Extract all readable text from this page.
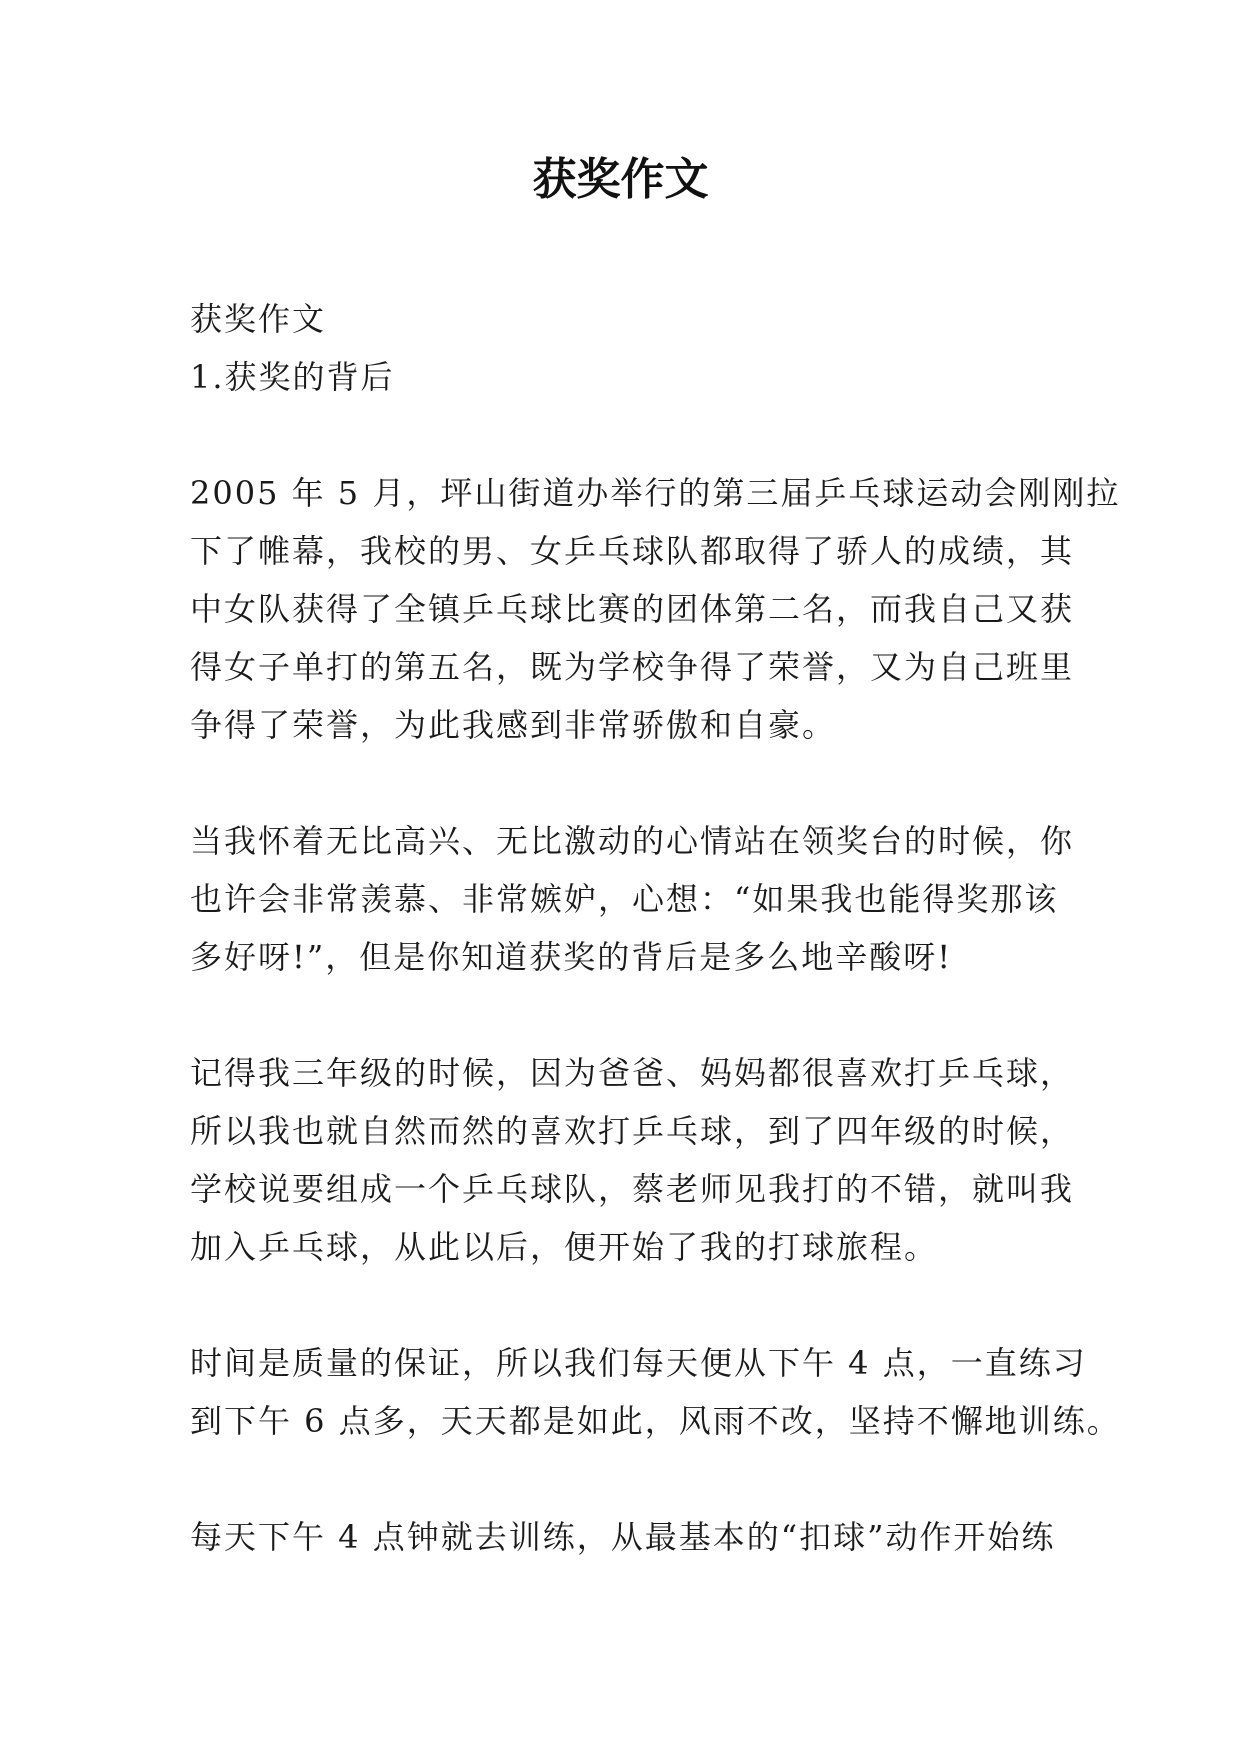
获奖作文

获奖作文

1.获奖的背后

2005 年 5 月，坪山街道办举行的第三届乒乓球运动会刚刚拉
下了帷幕，我校的男、女乒乓球队都取得了骄人的成绩，其
中女队获得了全镇乒乓球比赛的团体第二名，而我自己又获
得女子单打的第五名，既为学校争得了荣誉，又为自己班里
争得了荣誉，为此我感到非常骄傲和自豪。
当我怀着无比高兴、无比激动的心情站在领奖台的时候，你
也许会非常羡慕、非常嫉妒，心想：“如果我也能得奖那该
多好呀!”，但是你知道获奖的背后是多么地辛酸呀!
记得我三年级的时候，因为爸爸、妈妈都很喜欢打乒乓球，
所以我也就自然而然的喜欢打乒乓球，到了四年级的时候，
学校说要组成一个乒乓球队，蔡老师见我打的不错，就叫我
加入乒乓球，从此以后，便开始了我的打球旅程。
时间是质量的保证，所以我们每天便从下午 4 点，一直练习
到下午 6 点多，天天都是如此，风雨不改，坚持不懈地训练。
每天下午 4 点钟就去训练，从最基本的“扣球”动作开始练
